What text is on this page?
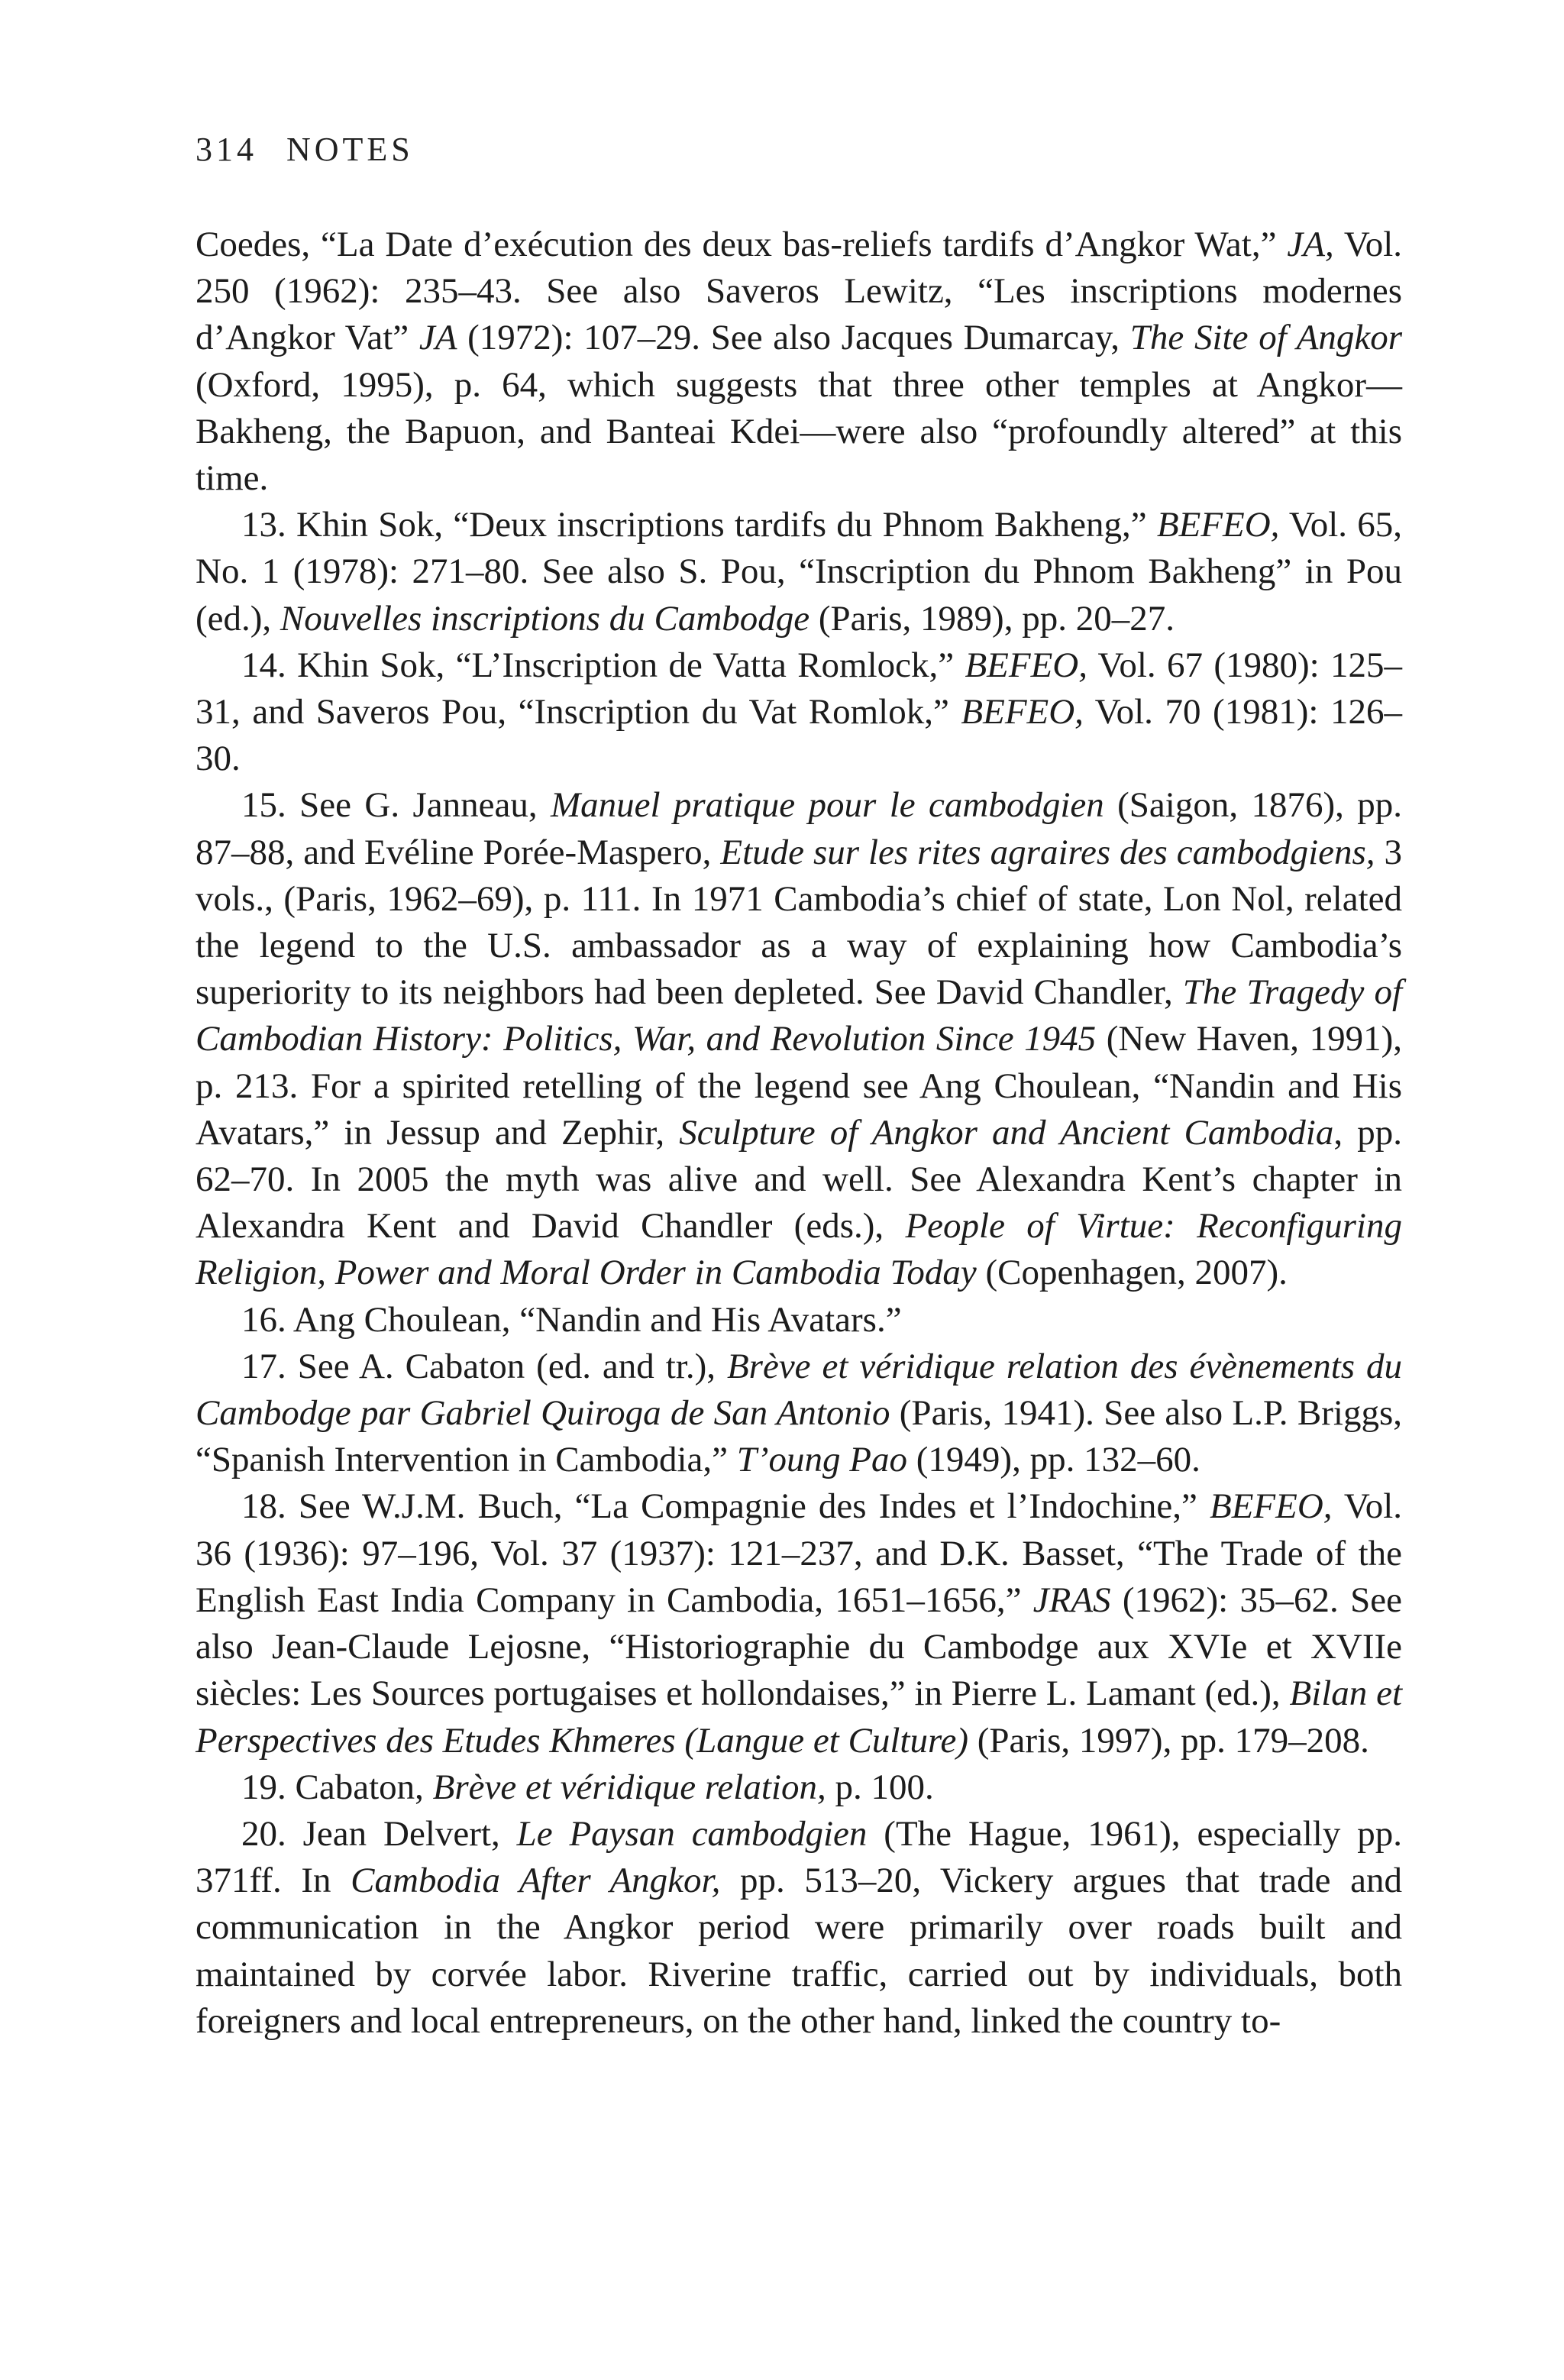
314 NOTES

Coedes, “La Date d’exécution des deux bas-reliefs tardifs d’Angkor Wat,” JA, Vol. 250 (1962): 235–43. See also Saveros Lewitz, “Les inscriptions modernes d’Angkor Vat” JA (1972): 107–29. See also Jacques Dumarcay, The Site of Angkor (Oxford, 1995), p. 64, which suggests that three other temples at Angkor—Bakheng, the Bapuon, and Banteai Kdei—were also “profoundly altered” at this time.

13. Khin Sok, “Deux inscriptions tardifs du Phnom Bakheng,” BEFEO, Vol. 65, No. 1 (1978): 271–80. See also S. Pou, “Inscription du Phnom Bakheng” in Pou (ed.), Nouvelles inscriptions du Cambodge (Paris, 1989), pp. 20–27.

14. Khin Sok, “L’Inscription de Vatta Romlock,” BEFEO, Vol. 67 (1980): 125–31, and Saveros Pou, “Inscription du Vat Romlok,” BEFEO, Vol. 70 (1981): 126–30.

15. See G. Janneau, Manuel pratique pour le cambodgien (Saigon, 1876), pp. 87–88, and Evéline Porée-Maspero, Etude sur les rites agraires des cambodgiens, 3 vols., (Paris, 1962–69), p. 111. In 1971 Cambodia’s chief of state, Lon Nol, related the legend to the U.S. ambassador as a way of explaining how Cambodia’s superiority to its neighbors had been depleted. See David Chandler, The Tragedy of Cambodian History: Politics, War, and Revolution Since 1945 (New Haven, 1991), p. 213. For a spirited retelling of the legend see Ang Choulean, “Nandin and His Avatars,” in Jessup and Zephir, Sculpture of Angkor and Ancient Cambodia, pp. 62–70. In 2005 the myth was alive and well. See Alexandra Kent’s chapter in Alexandra Kent and David Chandler (eds.), People of Virtue: Reconfiguring Religion, Power and Moral Order in Cambodia Today (Copenhagen, 2007).

16. Ang Choulean, “Nandin and His Avatars.”

17. See A. Cabaton (ed. and tr.), Brève et véridique relation des évènements du Cambodge par Gabriel Quiroga de San Antonio (Paris, 1941). See also L.P. Briggs, “Spanish Intervention in Cambodia,” T’oung Pao (1949), pp. 132–60.

18. See W.J.M. Buch, “La Compagnie des Indes et l’Indochine,” BEFEO, Vol. 36 (1936): 97–196, Vol. 37 (1937): 121–237, and D.K. Basset, “The Trade of the English East India Company in Cambodia, 1651–1656,” JRAS (1962): 35–62. See also Jean-Claude Lejosne, “Historiographie du Cambodge aux XVIe et XVIIe siècles: Les Sources portugaises et hollondaises,” in Pierre L. Lamant (ed.), Bilan et Perspectives des Etudes Khmeres (Langue et Culture) (Paris, 1997), pp. 179–208.

19. Cabaton, Brève et véridique relation, p. 100.

20. Jean Delvert, Le Paysan cambodgien (The Hague, 1961), especially pp. 371ff. In Cambodia After Angkor, pp. 513–20, Vickery argues that trade and communication in the Angkor period were primarily over roads built and maintained by corvée labor. Riverine traffic, carried out by individuals, both foreigners and local entrepreneurs, on the other hand, linked the country to-
